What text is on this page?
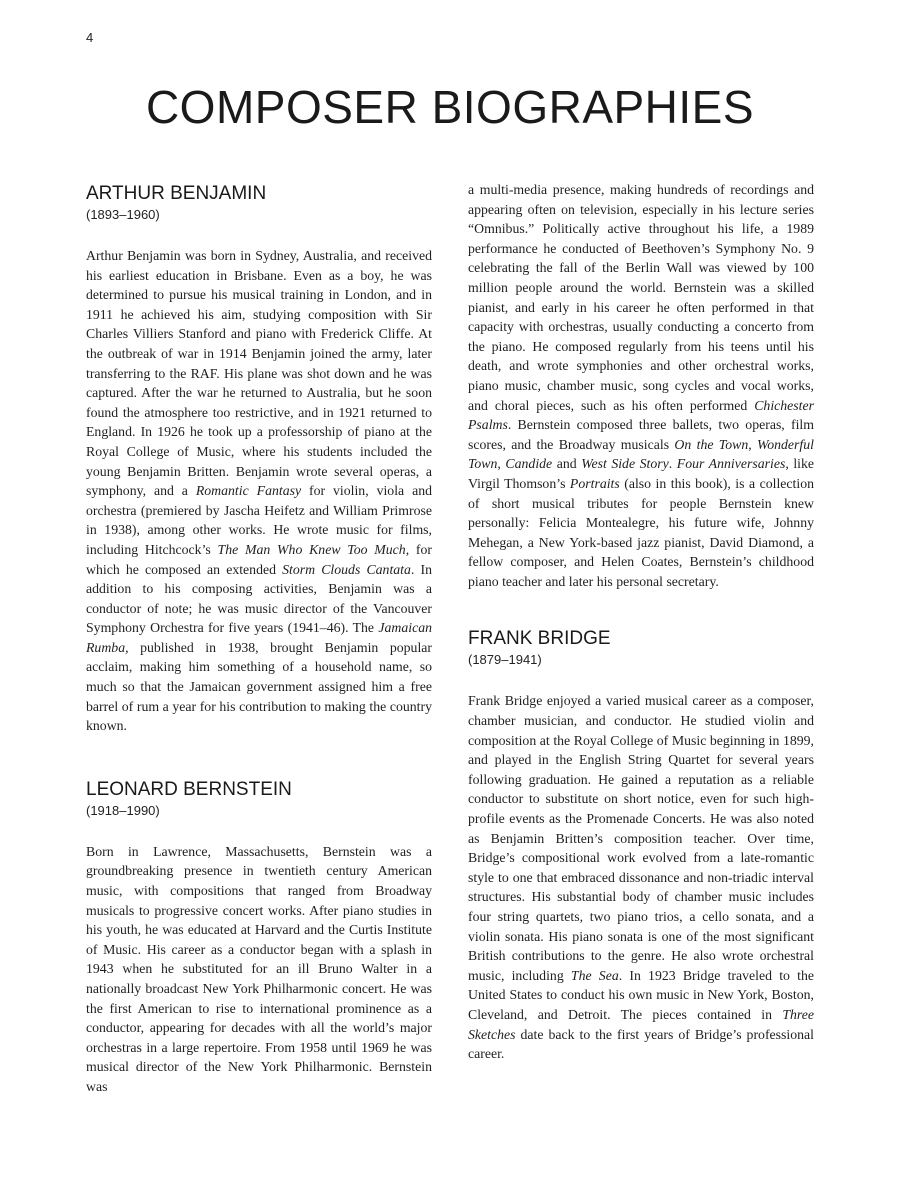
4
COMPOSER BIOGRAPHIES
ARTHUR BENJAMIN

(1893–1960)

Arthur Benjamin was born in Sydney, Australia, and received his earliest education in Brisbane. Even as a boy, he was determined to pursue his musical training in London, and in 1911 he achieved his aim, studying composition with Sir Charles Villiers Stanford and piano with Frederick Cliffe. At the outbreak of war in 1914 Benjamin joined the army, later transferring to the RAF. His plane was shot down and he was captured. After the war he returned to Australia, but he soon found the atmosphere too restrictive, and in 1921 returned to England. In 1926 he took up a professorship of piano at the Royal College of Music, where his students included the young Benjamin Britten. Benjamin wrote several operas, a symphony, and a Romantic Fantasy for violin, viola and orchestra (premiered by Jascha Heifetz and William Primrose in 1938), among other works. He wrote music for films, including Hitchcock’s The Man Who Knew Too Much, for which he composed an extended Storm Clouds Cantata. In addition to his composing activities, Benjamin was a conductor of note; he was music director of the Vancouver Symphony Orchestra for five years (1941–46). The Jamaican Rumba, published in 1938, brought Benjamin popular acclaim, making him something of a household name, so much so that the Jamaican government assigned him a free barrel of rum a year for his contribution to making the country known.

LEONARD BERNSTEIN

(1918–1990)

Born in Lawrence, Massachusetts, Bernstein was a groundbreaking presence in twentieth century American music, with compositions that ranged from Broadway musicals to progressive concert works. After piano studies in his youth, he was educated at Harvard and the Curtis Institute of Music. His career as a conductor began with a splash in 1943 when he substituted for an ill Bruno Walter in a nationally broadcast New York Philharmonic concert. He was the first American to rise to international prominence as a conductor, appearing for decades with all the world’s major orchestras in a large repertoire. From 1958 until 1969 he was musical director of the New York Philharmonic. Bernstein was

a multi-media presence, making hundreds of recordings and appearing often on television, especially in his lecture series “Omnibus.” Politically active throughout his life, a 1989 performance he conducted of Beethoven’s Symphony No. 9 celebrating the fall of the Berlin Wall was viewed by 100 million people around the world. Bernstein was a skilled pianist, and early in his career he often performed in that capacity with orchestras, usually conducting a concerto from the piano. He composed regularly from his teens until his death, and wrote symphonies and other orchestral works, piano music, chamber music, song cycles and vocal works, and choral pieces, such as his often performed Chichester Psalms. Bernstein composed three ballets, two operas, film scores, and the Broadway musicals On the Town, Wonderful Town, Candide and West Side Story. Four Anniversaries, like Virgil Thomson’s Portraits (also in this book), is a collection of short musical tributes for people Bernstein knew personally: Felicia Montealegre, his future wife, Johnny Mehegan, a New York-based jazz pianist, David Diamond, a fellow composer, and Helen Coates, Bernstein’s childhood piano teacher and later his personal secretary.

FRANK BRIDGE

(1879–1941)

Frank Bridge enjoyed a varied musical career as a composer, chamber musician, and conductor. He studied violin and composition at the Royal College of Music beginning in 1899, and played in the English String Quartet for several years following graduation. He gained a reputation as a reliable conductor to substitute on short notice, even for such high-profile events as the Promenade Concerts. He was also noted as Benjamin Britten’s composition teacher. Over time, Bridge’s compositional work evolved from a late-romantic style to one that embraced dissonance and non-triadic interval structures. His substantial body of chamber music includes four string quartets, two piano trios, a cello sonata, and a violin sonata. His piano sonata is one of the most significant British contributions to the genre. He also wrote orchestral music, including The Sea. In 1923 Bridge traveled to the United States to conduct his own music in New York, Boston, Cleveland, and Detroit. The pieces contained in Three Sketches date back to the first years of Bridge’s professional career.
